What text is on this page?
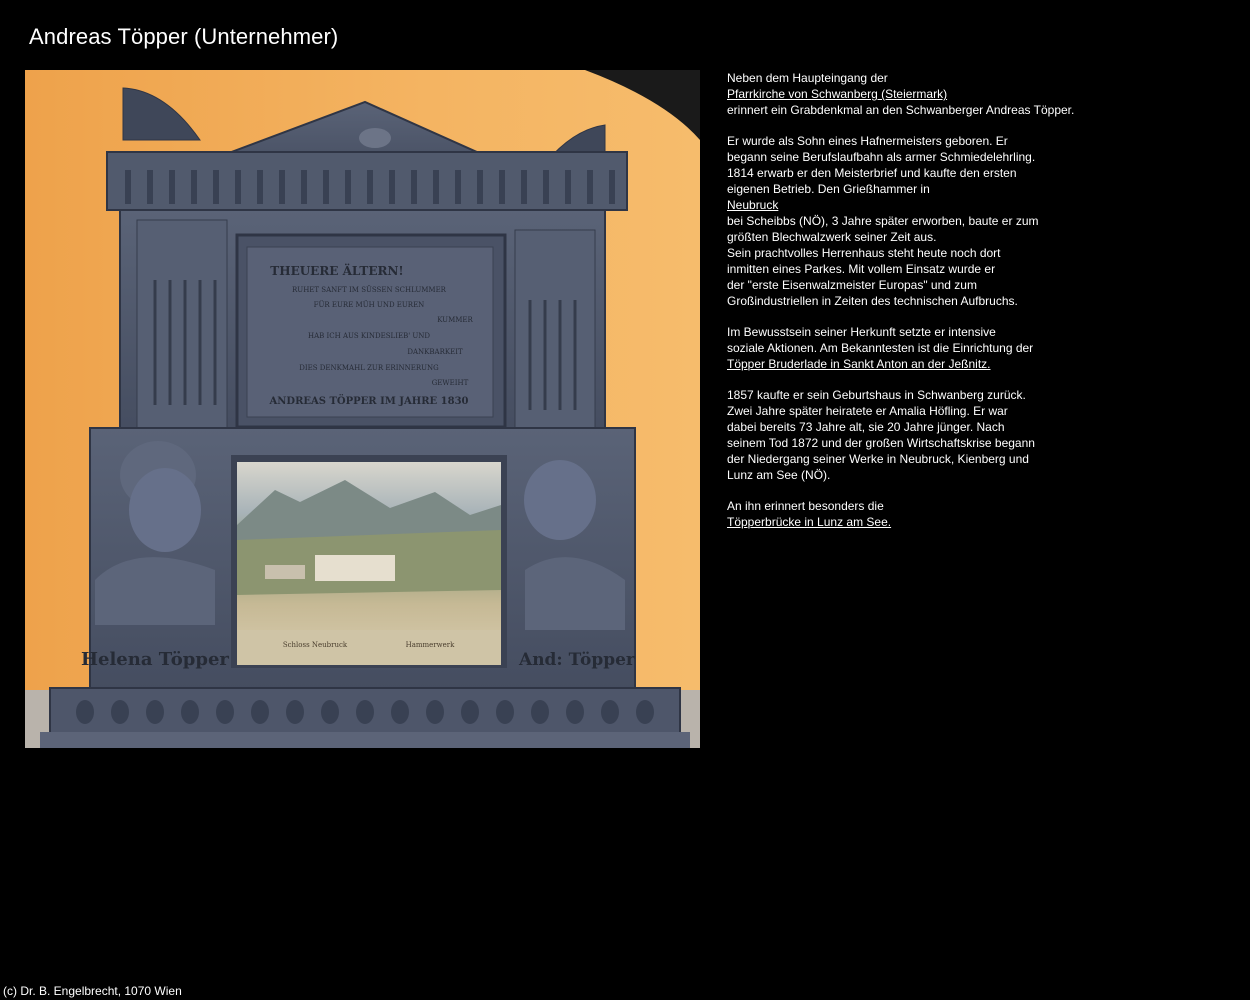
Andreas Töpper (Unternehmer)
THEUERE ÄLTERN!
RUHET SANFT IM SÜSSEN SCHLUMMER
FÜR EURE MÜH UND EUREN
KUMMER
HAB ICH AUS KINDESLIEB' UND
DANKBARKEIT
DIES DENKMAHL ZUR ERINNERUNG
GEWEIHT
ANDREAS TÖPPER IM JAHRE 1830
Helena Töpper	And: Töpper
Schloss Neubruck	Hammerwerk

Neben dem Haupteingang der
Pfarrkirche von Schwanberg (Steiermark)
erinnert ein Grabdenkmal an den Schwanberger Andreas Töpper.

Er wurde als Sohn eines Hafnermeisters geboren. Er
begann seine Berufslaufbahn als armer Schmiedelehrling.
1814 erwarb er den Meisterbrief und kaufte den ersten
eigenen Betrieb. Den Grießhammer in
Neubruck
bei Scheibbs (NÖ), 3 Jahre später erworben, baute er zum
größten Blechwalzwerk seiner Zeit aus.
Sein prachtvolles Herrenhaus steht heute noch dort
inmitten eines Parkes. Mit vollem Einsatz wurde er
der "erste Eisenwalzmeister Europas" und zum
Großindustriellen in Zeiten des technischen Aufbruchs.

Im Bewusstsein seiner Herkunft setzte er intensive
soziale Aktionen. Am Bekanntesten ist die Einrichtung der
Töpper Bruderlade in Sankt Anton an der Jeßnitz.

1857 kaufte er sein Geburtshaus in Schwanberg zurück.
Zwei Jahre später heiratete er Amalia Höfling. Er war
dabei bereits 73 Jahre alt, sie 20 Jahre jünger. Nach
seinem Tod 1872 und der großen Wirtschaftskrise begann
der Niedergang seiner Werke in Neubruck, Kienberg und
Lunz am See (NÖ).

An ihn erinnert besonders die
Töpperbrücke in Lunz am See.

(c) Dr. B. Engelbrecht, 1070 Wien
